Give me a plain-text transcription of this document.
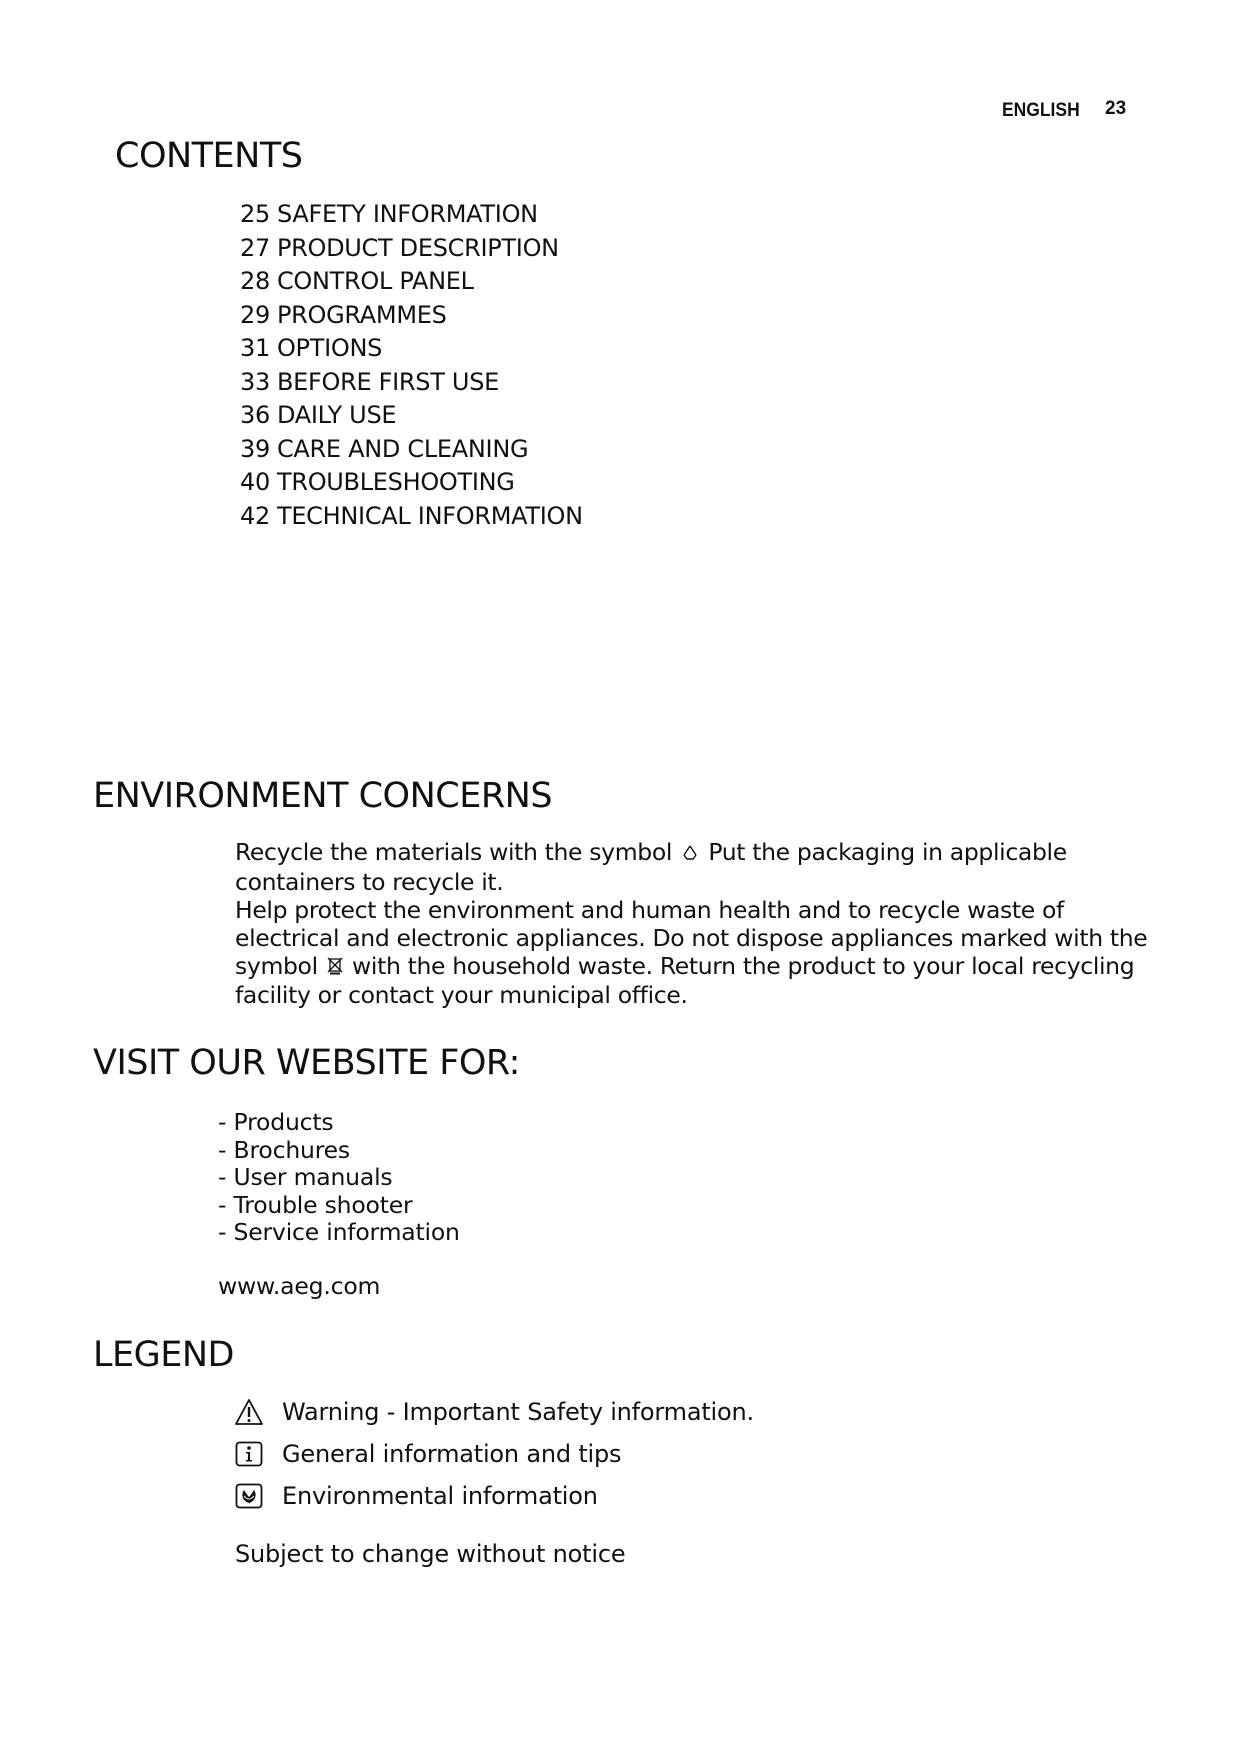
ENGLISH 23
CONTENTS
25 SAFETY INFORMATION
27 PRODUCT DESCRIPTION
28 CONTROL PANEL
29 PROGRAMMES
31 OPTIONS
33 BEFORE FIRST USE
36 DAILY USE
39 CARE AND CLEANING
40 TROUBLESHOOTING
42 TECHNICAL INFORMATION
ENVIRONMENT CONCERNS

Recycle the materials with the symbol Put the packaging in applicable containers to recycle it.

Help protect the environment and human health and to recycle waste of electrical and electronic appliances. Do not dispose appliances marked with the symbol with the household waste. Return the product to your local recycling facility or contact your municipal office.

VISIT OUR WEBSITE FOR:
- Products
- Brochures
- User manuals
- Trouble shooter
- Service information
www.aeg.com
LEGEND
Warning - Important Safety information.
General information and tips
Environmental information
Subject to change without notice
